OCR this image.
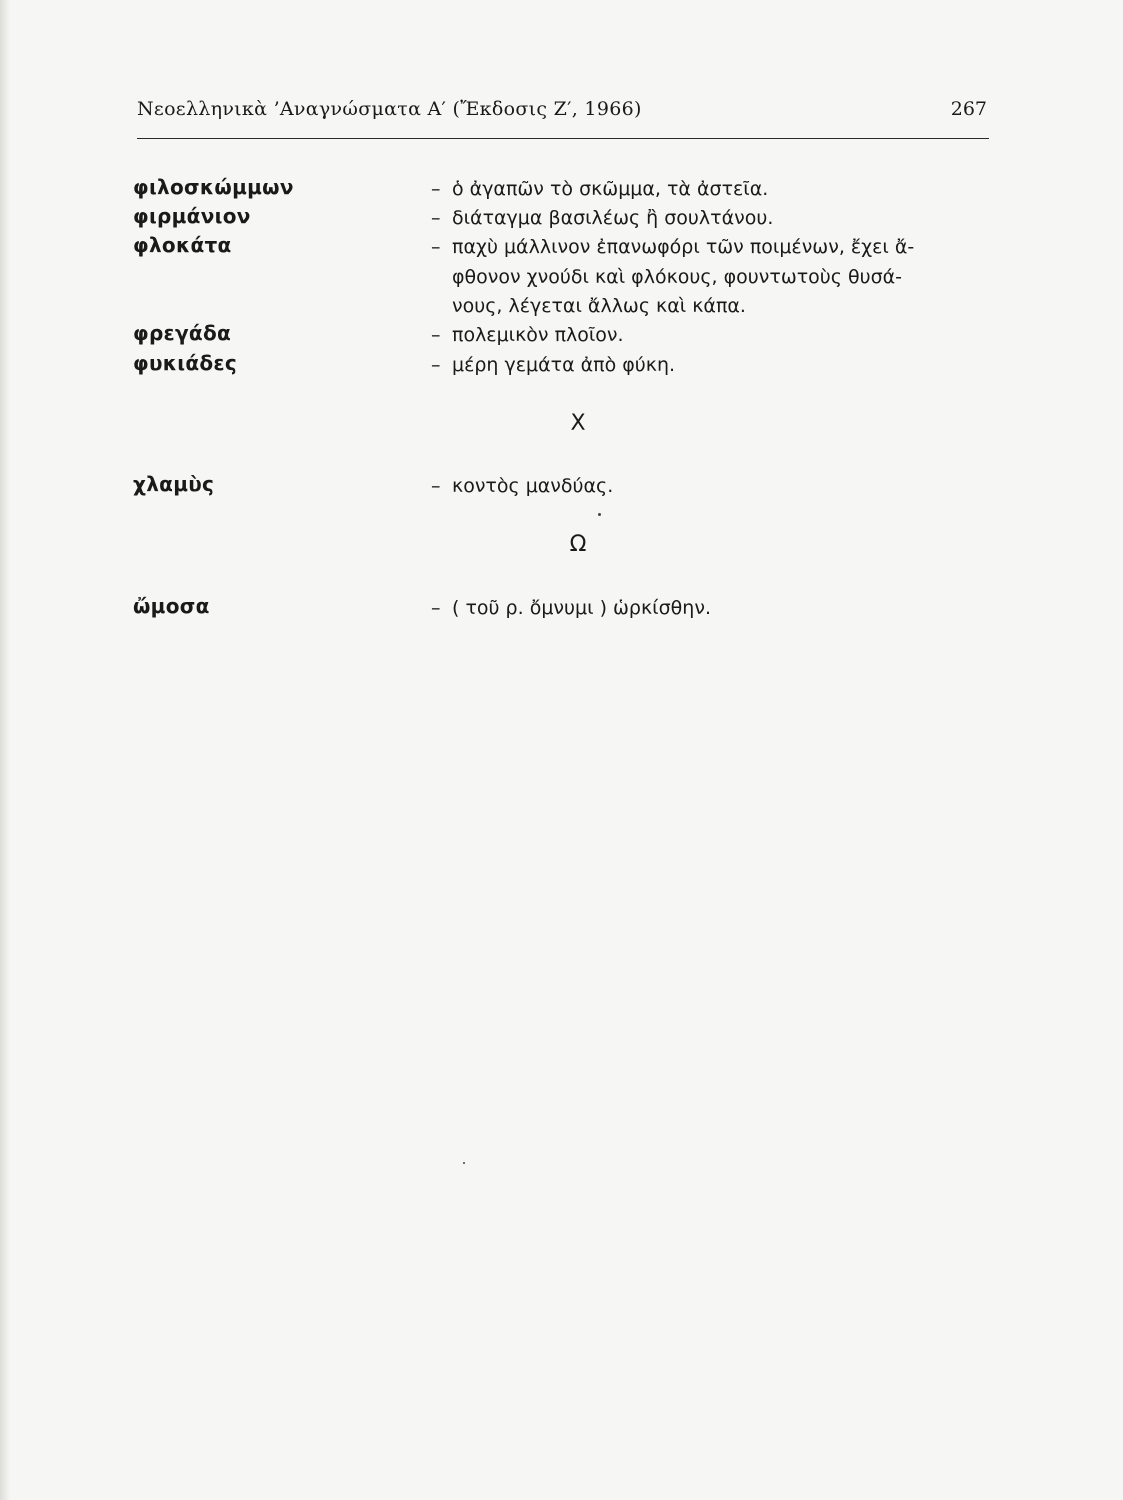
Νεοελληνικὰ ’Αναγνώσματα Α′ (Ἔκδοσις Ζ′, 1966)	267
φιλοσκώμμων	– ὁ ἀγαπῶν τὸ σκῶμμα, τὰ ἀστεῖα.
φιρμάνιον	– διάταγμα βασιλέως ἢ σουλτάνου.
φλοκάτα	– παχὺ μάλλινον ἐπανωφόρι τῶν ποιμένων, ἔχει ἄ-
φθονον χνούδι καὶ φλόκους, φουντωτοὺς θυσά-
νους, λέγεται ἄλλως καὶ κάπα.
φρεγάδα	– πολεμικὸν πλοῖον.
φυκιάδες	– μέρη γεμάτα ἀπὸ φύκη.
Χ
χλαμὺς	– κοντὸς μανδύας.
Ω
ὤμοσα	– ( τοῦ ρ. ὄμνυμι ) ὡρκίσθην.
